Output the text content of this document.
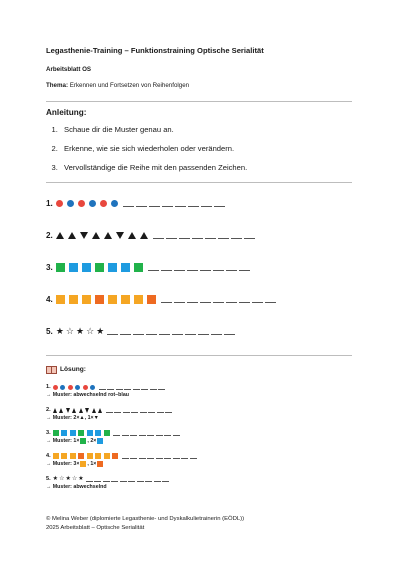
Legasthenie-Training – Funktionstraining Optische Serialität
Arbeitsblatt OS
Thema: Erkennen und Fortsetzen von Reihenfolgen
Anleitung:
1. Schaue dir die Muster genau an.
2. Erkenne, wie sie sich wiederholen oder verändern.
3. Vervollständige die Reihe mit den passenden Zeichen.
1.
2.
3.
4.
5. ★ ☆ ★ ☆ ★
Lösung:
1.
→ Muster: abwechselnd rot–blau
2.
→ Muster: 2×▲, 1×▼
3.
→ Muster: 1× , 2×
4.
→ Muster: 3× , 1×
5. ★ ☆ ★ ☆ ★
→ Muster: abwechselnd
© Melina Weber (diplomierte Legasthenie- und Dyskalkulietrainerin (EÖDL))
2025 Arbeitsblatt – Optische Serialität
